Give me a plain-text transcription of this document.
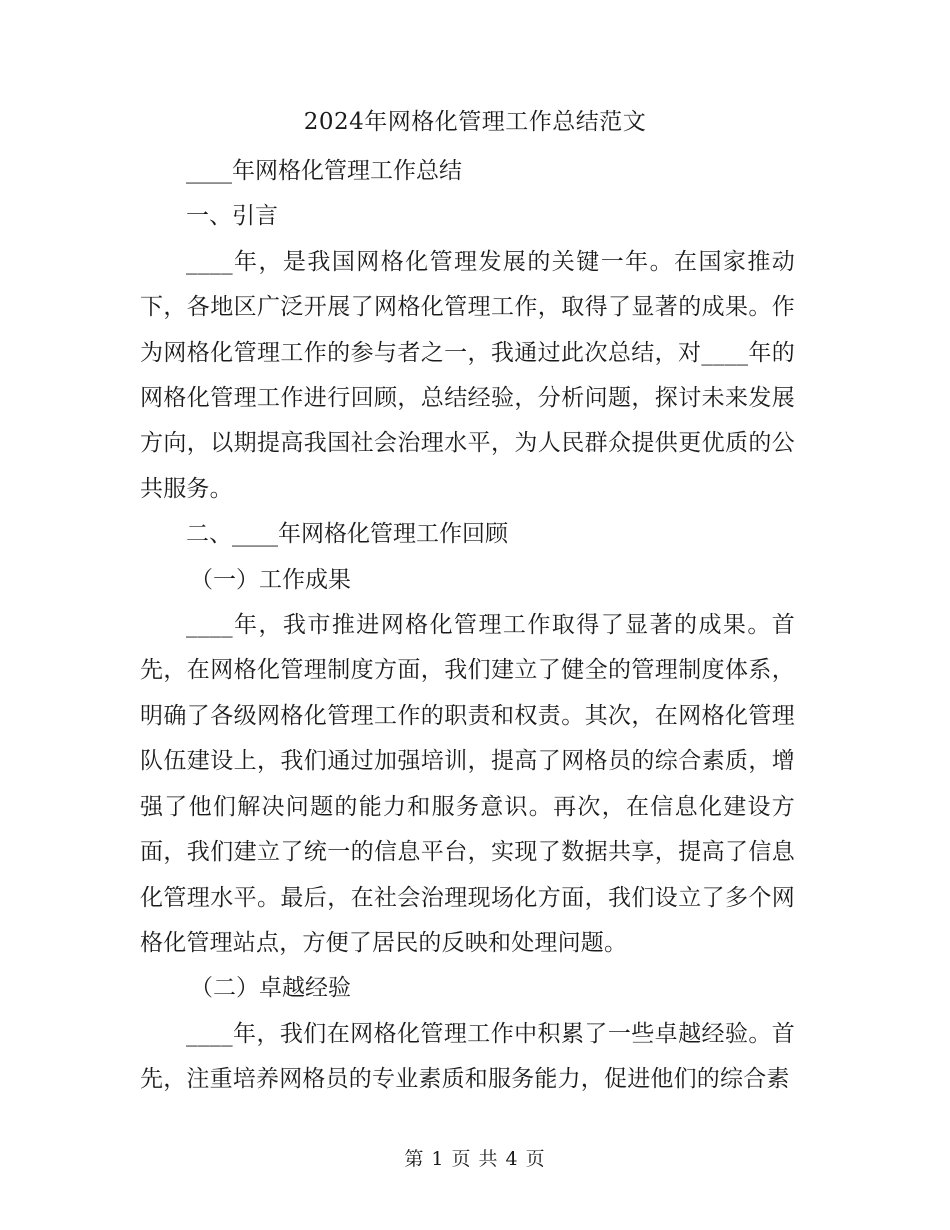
2024年网格化管理工作总结范文

____年网格化管理工作总结

一、引言

____年，是我国网格化管理发展的关键一年。在国家推动下，各地区广泛开展了网格化管理工作，取得了显著的成果。作为网格化管理工作的参与者之一，我通过此次总结，对____年的网格化管理工作进行回顾，总结经验，分析问题，探讨未来发展方向，以期提高我国社会治理水平，为人民群众提供更优质的公共服务。

二、____年网格化管理工作回顾

（一）工作成果

____年，我市推进网格化管理工作取得了显著的成果。首先，在网格化管理制度方面，我们建立了健全的管理制度体系，明确了各级网格化管理工作的职责和权责。其次，在网格化管理队伍建设上，我们通过加强培训，提高了网格员的综合素质，增强了他们解决问题的能力和服务意识。再次，在信息化建设方面，我们建立了统一的信息平台，实现了数据共享，提高了信息化管理水平。最后，在社会治理现场化方面，我们设立了多个网格化管理站点，方便了居民的反映和处理问题。

（二）卓越经验

____年，我们在网格化管理工作中积累了一些卓越经验。首先，注重培养网格员的专业素质和服务能力，促进他们的综合素

第 1 页 共 4 页
